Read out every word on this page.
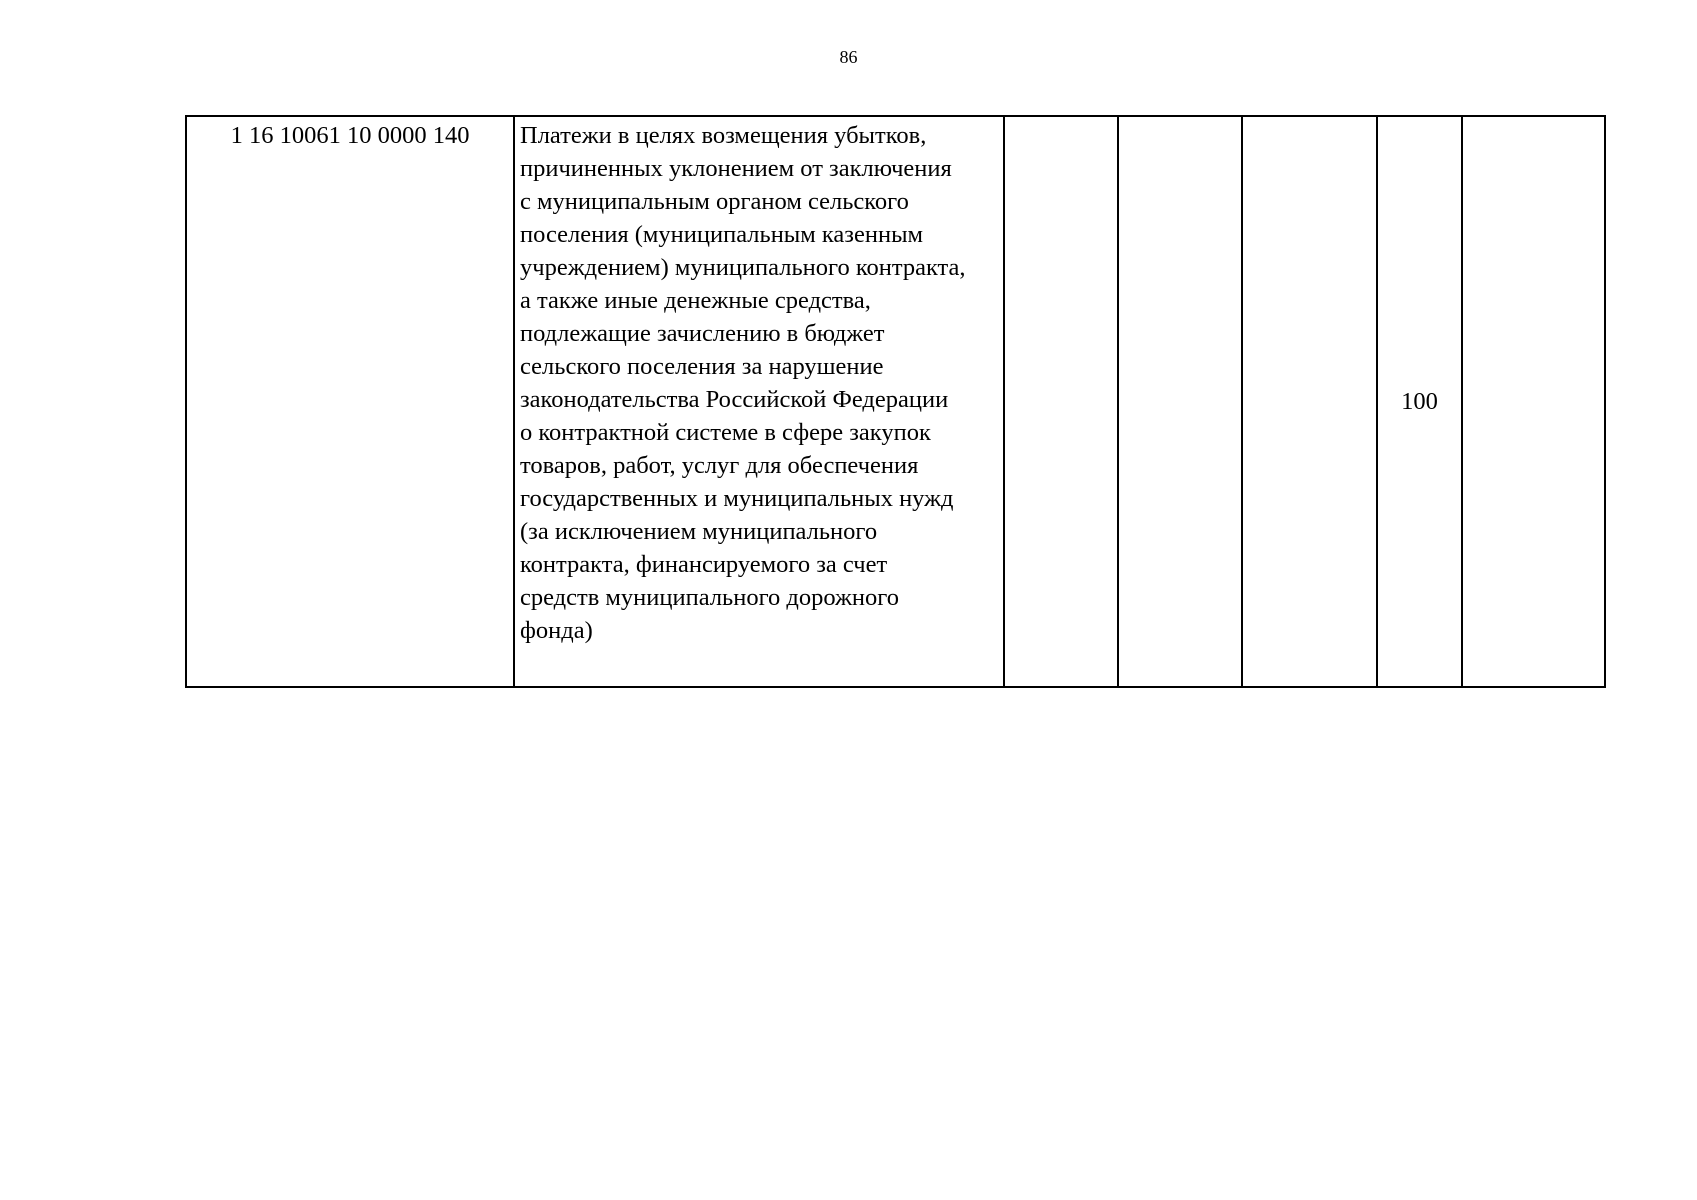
86
1 16 10061 10 0000 140	Платежи в целях возмещения убытков,
причиненных уклонением от заключения
с муниципальным органом сельского
поселения (муниципальным казенным
учреждением) муниципального контракта,
а также иные денежные средства,
подлежащие зачислению в бюджет
сельского поселения за нарушение
законодательства Российской Федерации
о контрактной системе в сфере закупок
товаров, работ, услуг для обеспечения
государственных и муниципальных нужд
(за исключением муниципального
контракта, финансируемого за счет
средств муниципального дорожного
фонда)
				100	
